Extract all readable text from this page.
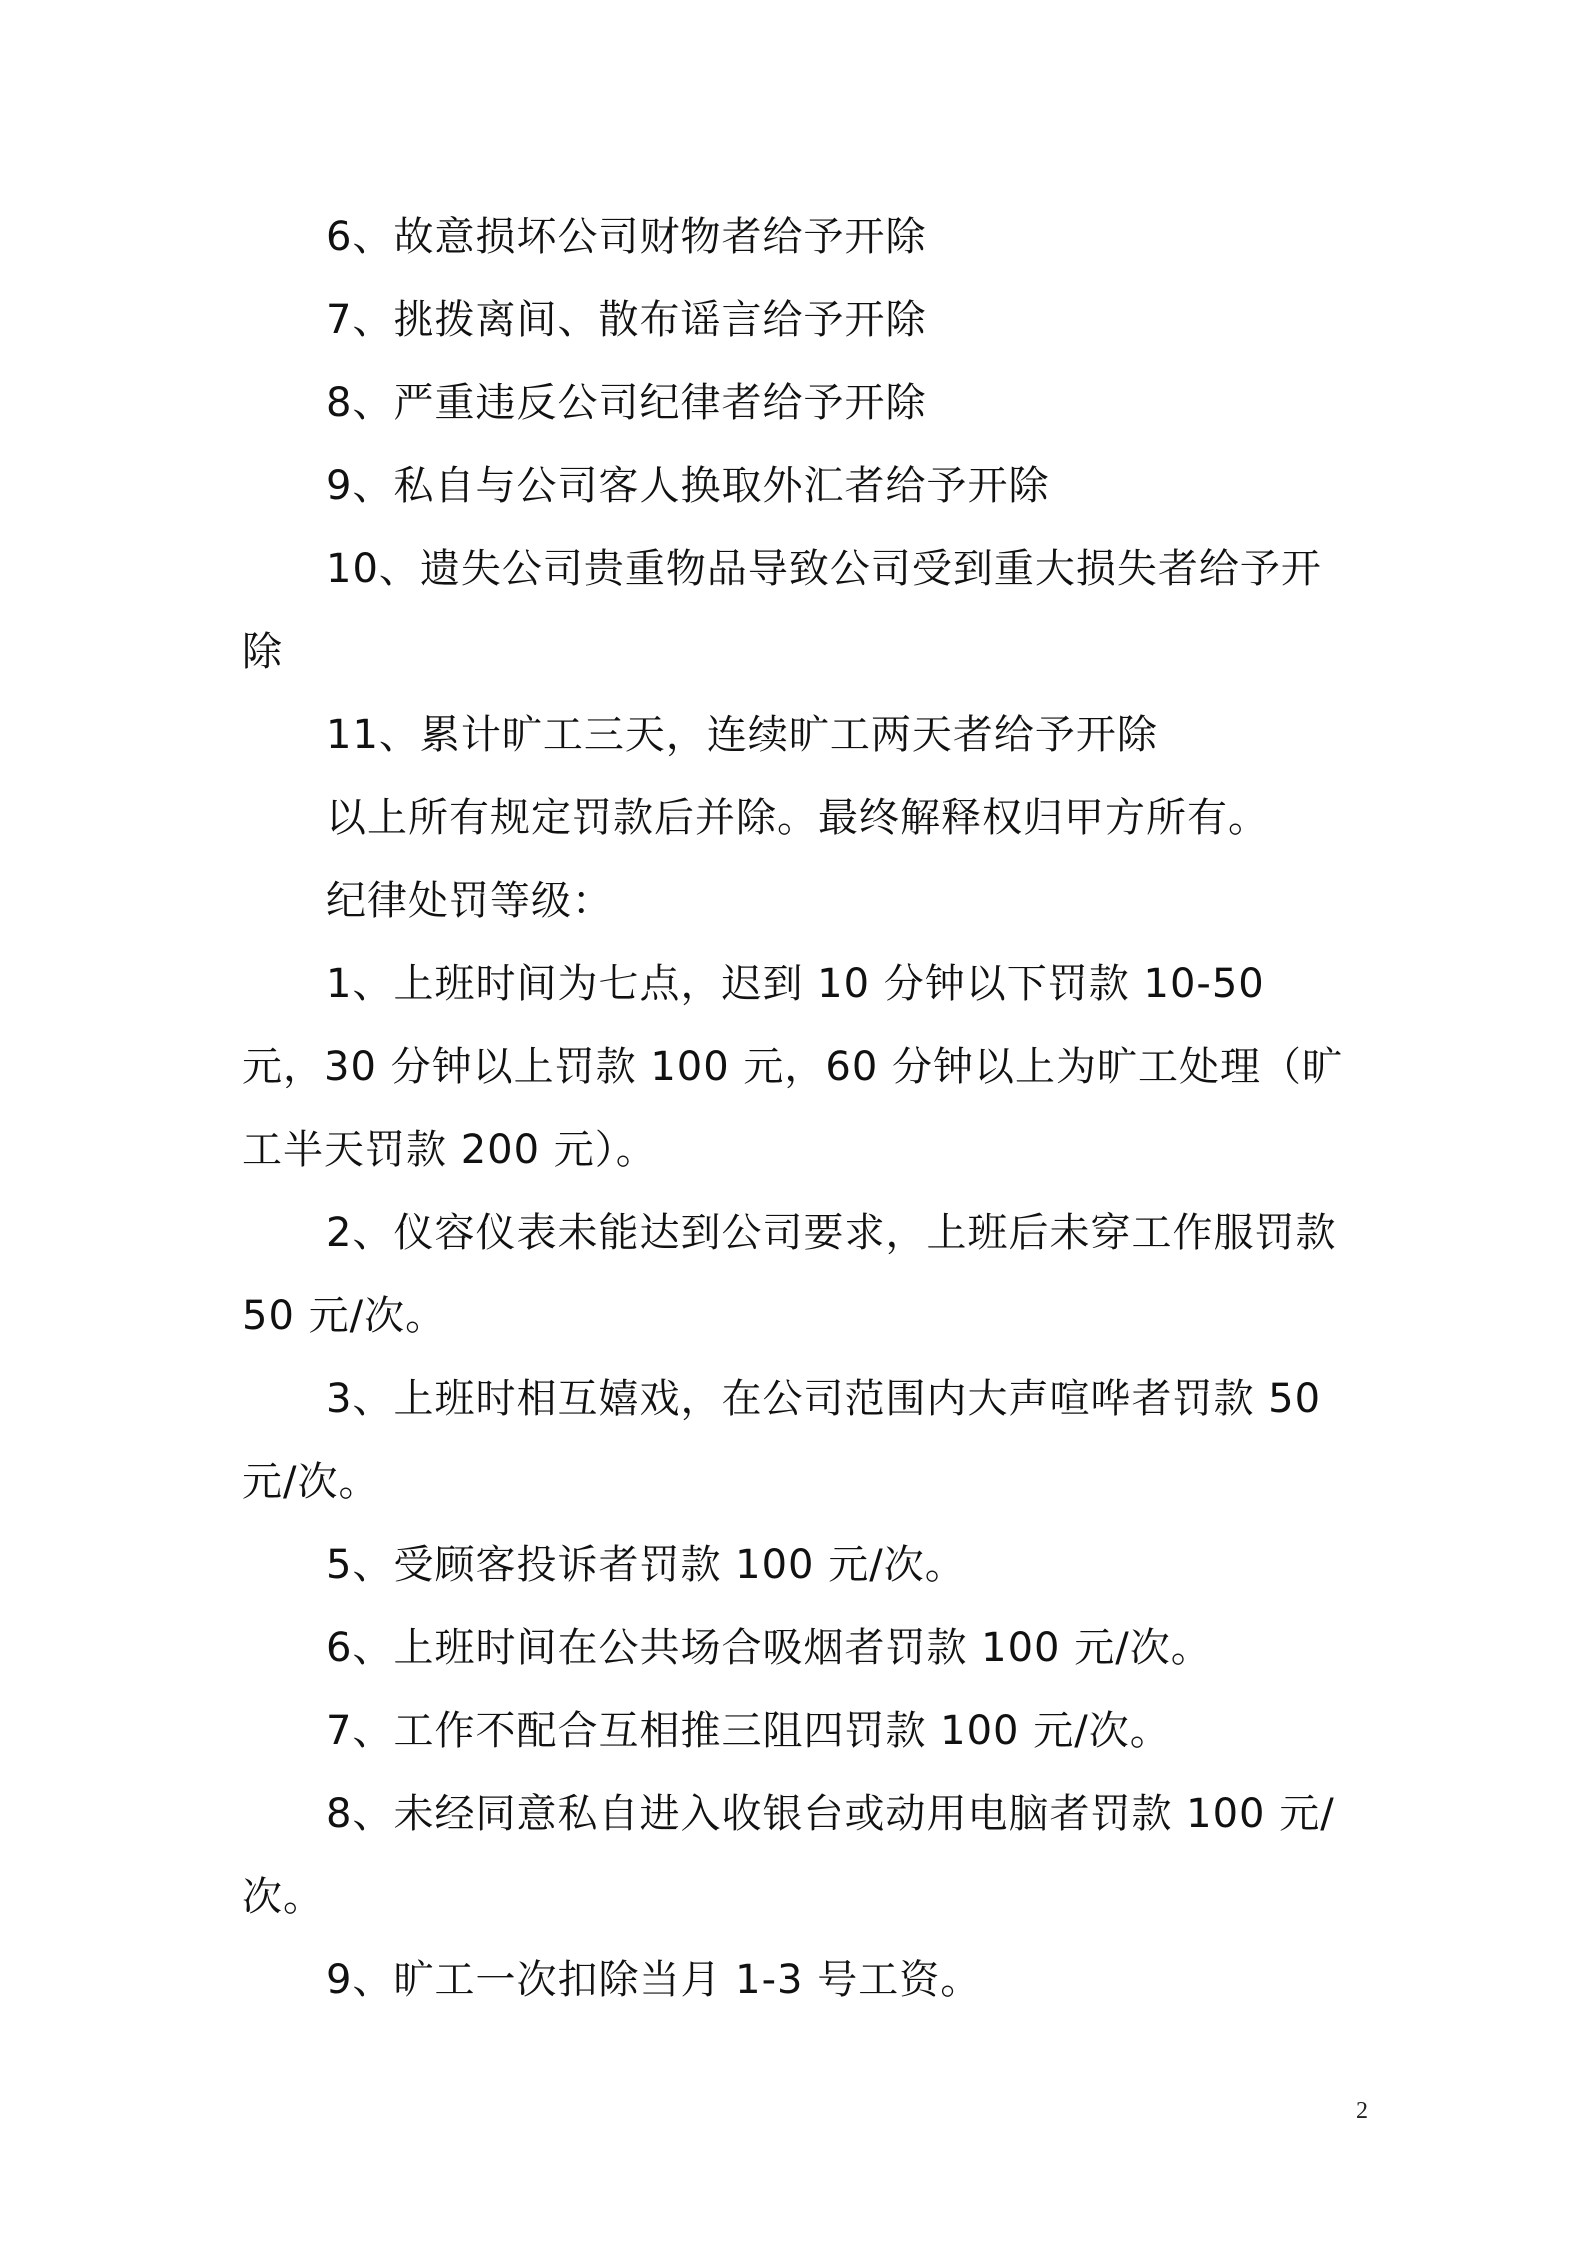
6、故意损坏公司财物者给予开除

7、挑拨离间、散布谣言给予开除

8、严重违反公司纪律者给予开除

9、私自与公司客人换取外汇者给予开除

10、遗失公司贵重物品导致公司受到重大损失者给予开除

11、累计旷工三天，连续旷工两天者给予开除

以上所有规定罚款后并除。最终解释权归甲方所有。

纪律处罚等级：

1、上班时间为七点，迟到 10 分钟以下罚款 10-50 元，30 分钟以上罚款 100 元，60 分钟以上为旷工处理（旷工半天罚款 200 元）。

2、仪容仪表未能达到公司要求，上班后未穿工作服罚款 50 元/次。

3、上班时相互嬉戏，在公司范围内大声喧哗者罚款 50 元/次。

5、受顾客投诉者罚款 100 元/次。

6、上班时间在公共场合吸烟者罚款 100 元/次。

7、工作不配合互相推三阻四罚款 100 元/次。

8、未经同意私自进入收银台或动用电脑者罚款 100 元/次。

9、旷工一次扣除当月 1-3 号工资。

2
